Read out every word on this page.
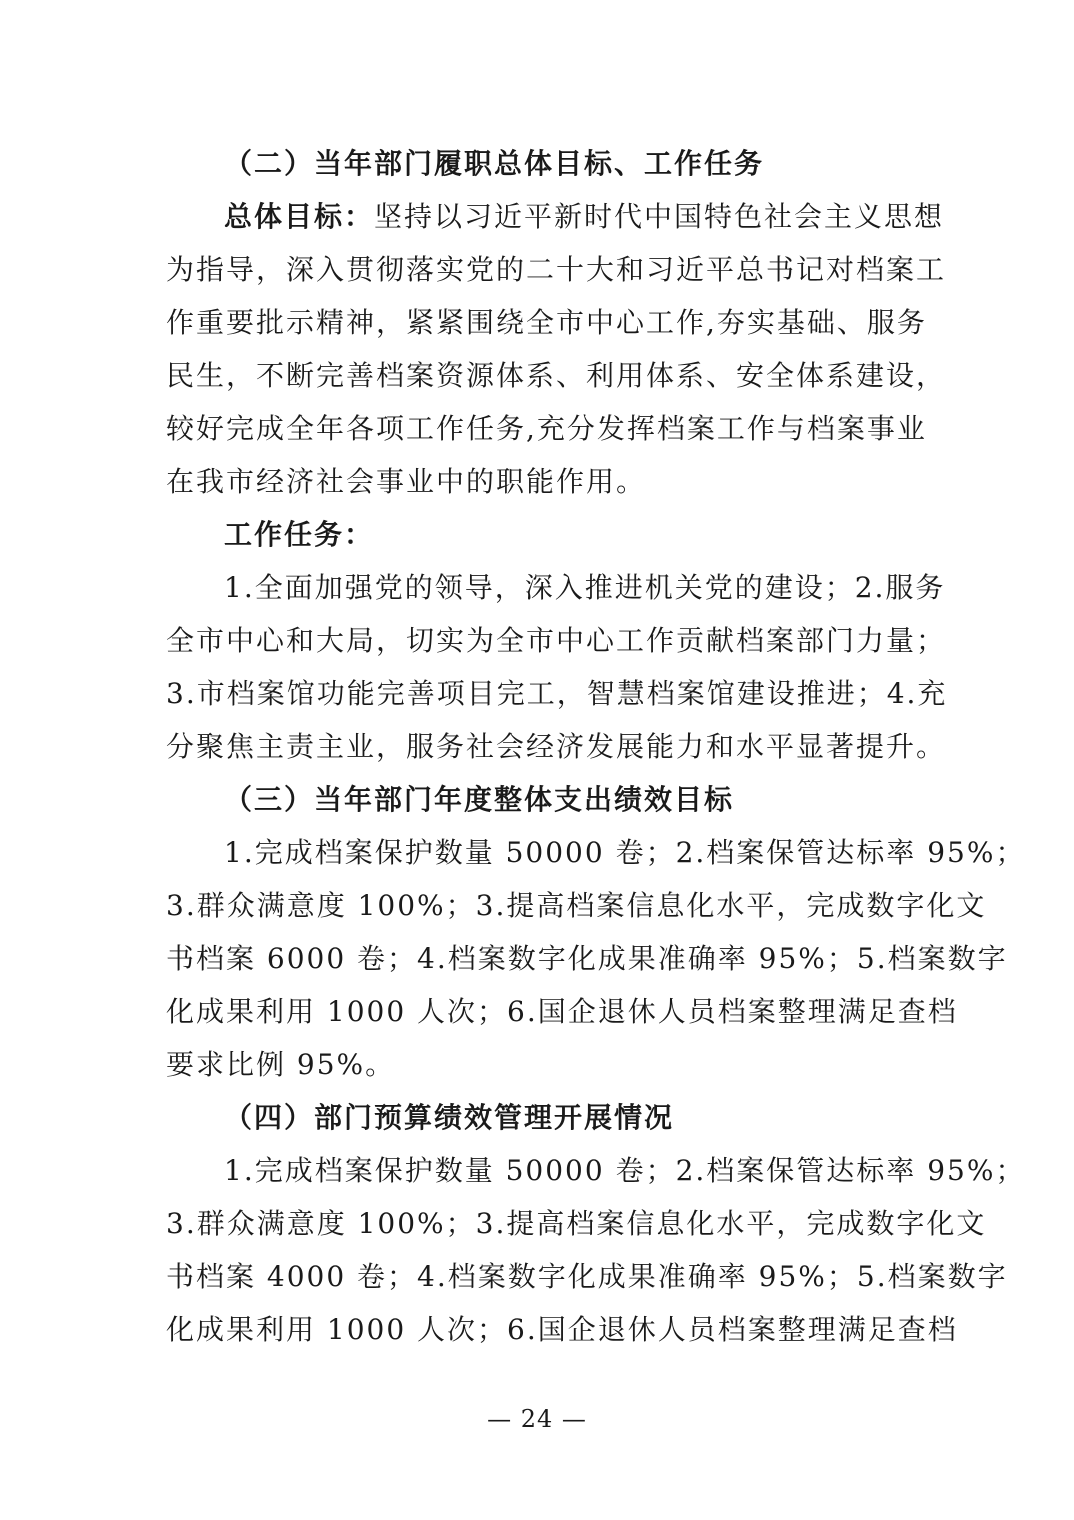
（二）当年部门履职总体目标、工作任务
总体目标：坚持以习近平新时代中国特色社会主义思想
为指导，深入贯彻落实党的二十大和习近平总书记对档案工
作重要批示精神，紧紧围绕全市中心工作,夯实基础、服务
民生，不断完善档案资源体系、利用体系、安全体系建设，
较好完成全年各项工作任务,充分发挥档案工作与档案事业
在我市经济社会事业中的职能作用。
工作任务：
1.全面加强党的领导，深入推进机关党的建设；2.服务
全市中心和大局，切实为全市中心工作贡献档案部门力量；
3.市档案馆功能完善项目完工，智慧档案馆建设推进；4.充
分聚焦主责主业，服务社会经济发展能力和水平显著提升。
（三）当年部门年度整体支出绩效目标
1.完成档案保护数量 50000 卷；2.档案保管达标率 95%；
3.群众满意度 100%；3.提高档案信息化水平，完成数字化文
书档案 6000 卷；4.档案数字化成果准确率 95%；5.档案数字
化成果利用 1000 人次；6.国企退休人员档案整理满足查档
要求比例 95%。
（四）部门预算绩效管理开展情况
1.完成档案保护数量 50000 卷；2.档案保管达标率 95%；
3.群众满意度 100%；3.提高档案信息化水平，完成数字化文
书档案 4000 卷；4.档案数字化成果准确率 95%；5.档案数字
化成果利用 1000 人次；6.国企退休人员档案整理满足查档
— 24 —
